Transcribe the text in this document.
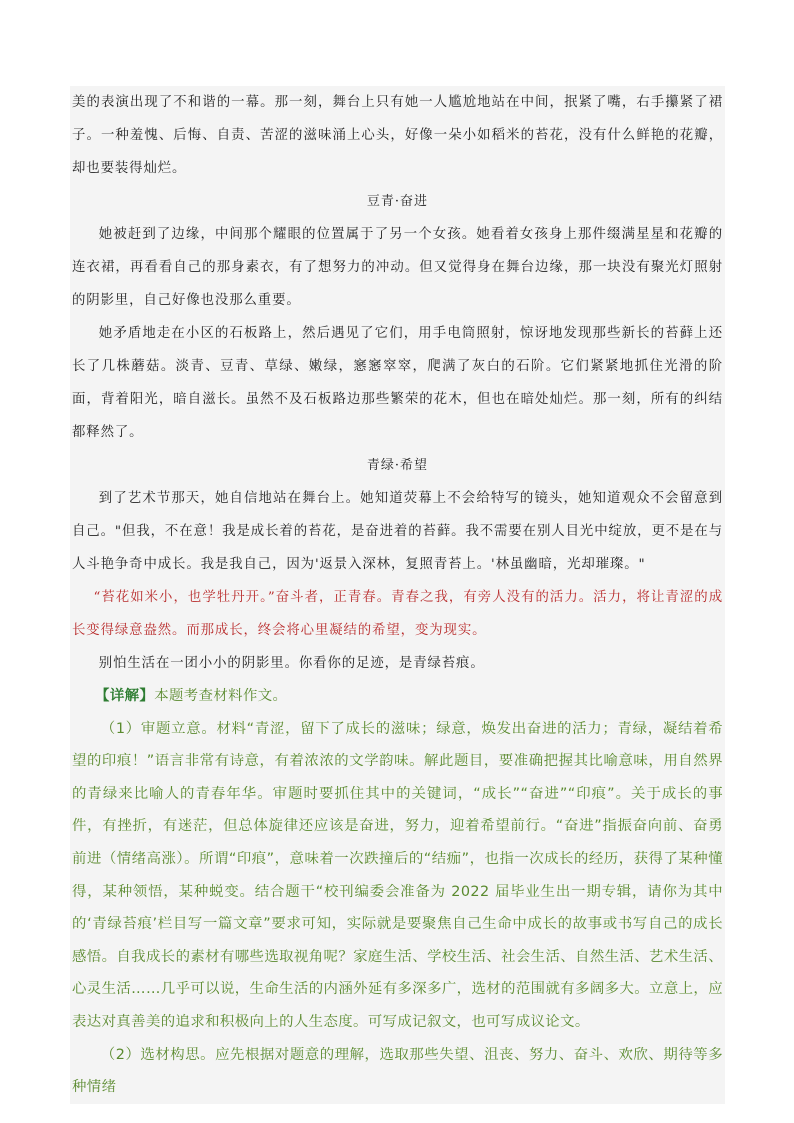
美的表演出现了不和谐的一幕。那一刻，舞台上只有她一人尴尬地站在中间，抿紧了嘴，右手攥紧了裙子。一种羞愧、后悔、自责、苦涩的滋味涌上心头，好像一朵小如稻米的苔花，没有什么鲜艳的花瓣，却也要装得灿烂。

豆青·奋进

她被赶到了边缘，中间那个耀眼的位置属于了另一个女孩。她看着女孩身上那件缀满星星和花瓣的连衣裙，再看看自己的那身素衣，有了想努力的冲动。但又觉得身在舞台边缘，那一块没有聚光灯照射的阴影里，自己好像也没那么重要。

她矛盾地走在小区的石板路上，然后遇见了它们，用手电筒照射，惊讶地发现那些新长的苔藓上还长了几株蘑菇。淡青、豆青、草绿、嫩绿，窸窸窣窣，爬满了灰白的石阶。它们紧紧地抓住光滑的阶面，背着阳光，暗自滋长。虽然不及石板路边那些繁荣的花木，但也在暗处灿烂。那一刻，所有的纠结都释然了。

青绿·希望

到了艺术节那天，她自信地站在舞台上。她知道荧幕上不会给特写的镜头，她知道观众不会留意到自己。"但我，不在意！我是成长着的苔花，是奋进着的苔藓。我不需要在别人目光中绽放，更不是在与人斗艳争奇中成长。我是我自己，因为'返景入深林，复照青苔上。'林虽幽暗，光却璀璨。"

“苔花如米小，也学牡丹开。”奋斗者，正青春。青春之我，有旁人没有的活力。活力，将让青涩的成长变得绿意盎然。而那成长，终会将心里凝结的希望，变为现实。

别怕生活在一团小小的阴影里。你看你的足迹，是青绿苔痕。

【详解】本题考查材料作文。

（1）审题立意。材料“青涩，留下了成长的滋味；绿意，焕发出奋进的活力；青绿，凝结着希望的印痕！”语言非常有诗意，有着浓浓的文学韵味。解此题目，要准确把握其比喻意味，用自然界的青绿来比喻人的青春年华。审题时要抓住其中的关键词，“成长”“奋进”“印痕”。关于成长的事件，有挫折，有迷茫，但总体旋律还应该是奋进，努力，迎着希望前行。“奋进”指振奋向前、奋勇前进（情绪高涨）。所谓“印痕”，意味着一次跌撞后的“结痂”，也指一次成长的经历，获得了某种懂得，某种领悟，某种蜕变。结合题干“校刊编委会准备为 2022 届毕业生出一期专辑，请你为其中的‘青绿苔痕’栏目写一篇文章”要求可知，实际就是要聚焦自己生命中成长的故事或书写自己的成长感悟。自我成长的素材有哪些选取视角呢？家庭生活、学校生活、社会生活、自然生活、艺术生活、心灵生活……几乎可以说，生命生活的内涵外延有多深多广，选材的范围就有多阔多大。立意上，应表达对真善美的追求和积极向上的人生态度。可写成记叙文，也可写成议论文。

（2）选材构思。应先根据对题意的理解，选取那些失望、沮丧、努力、奋斗、欢欣、期待等多种情绪
